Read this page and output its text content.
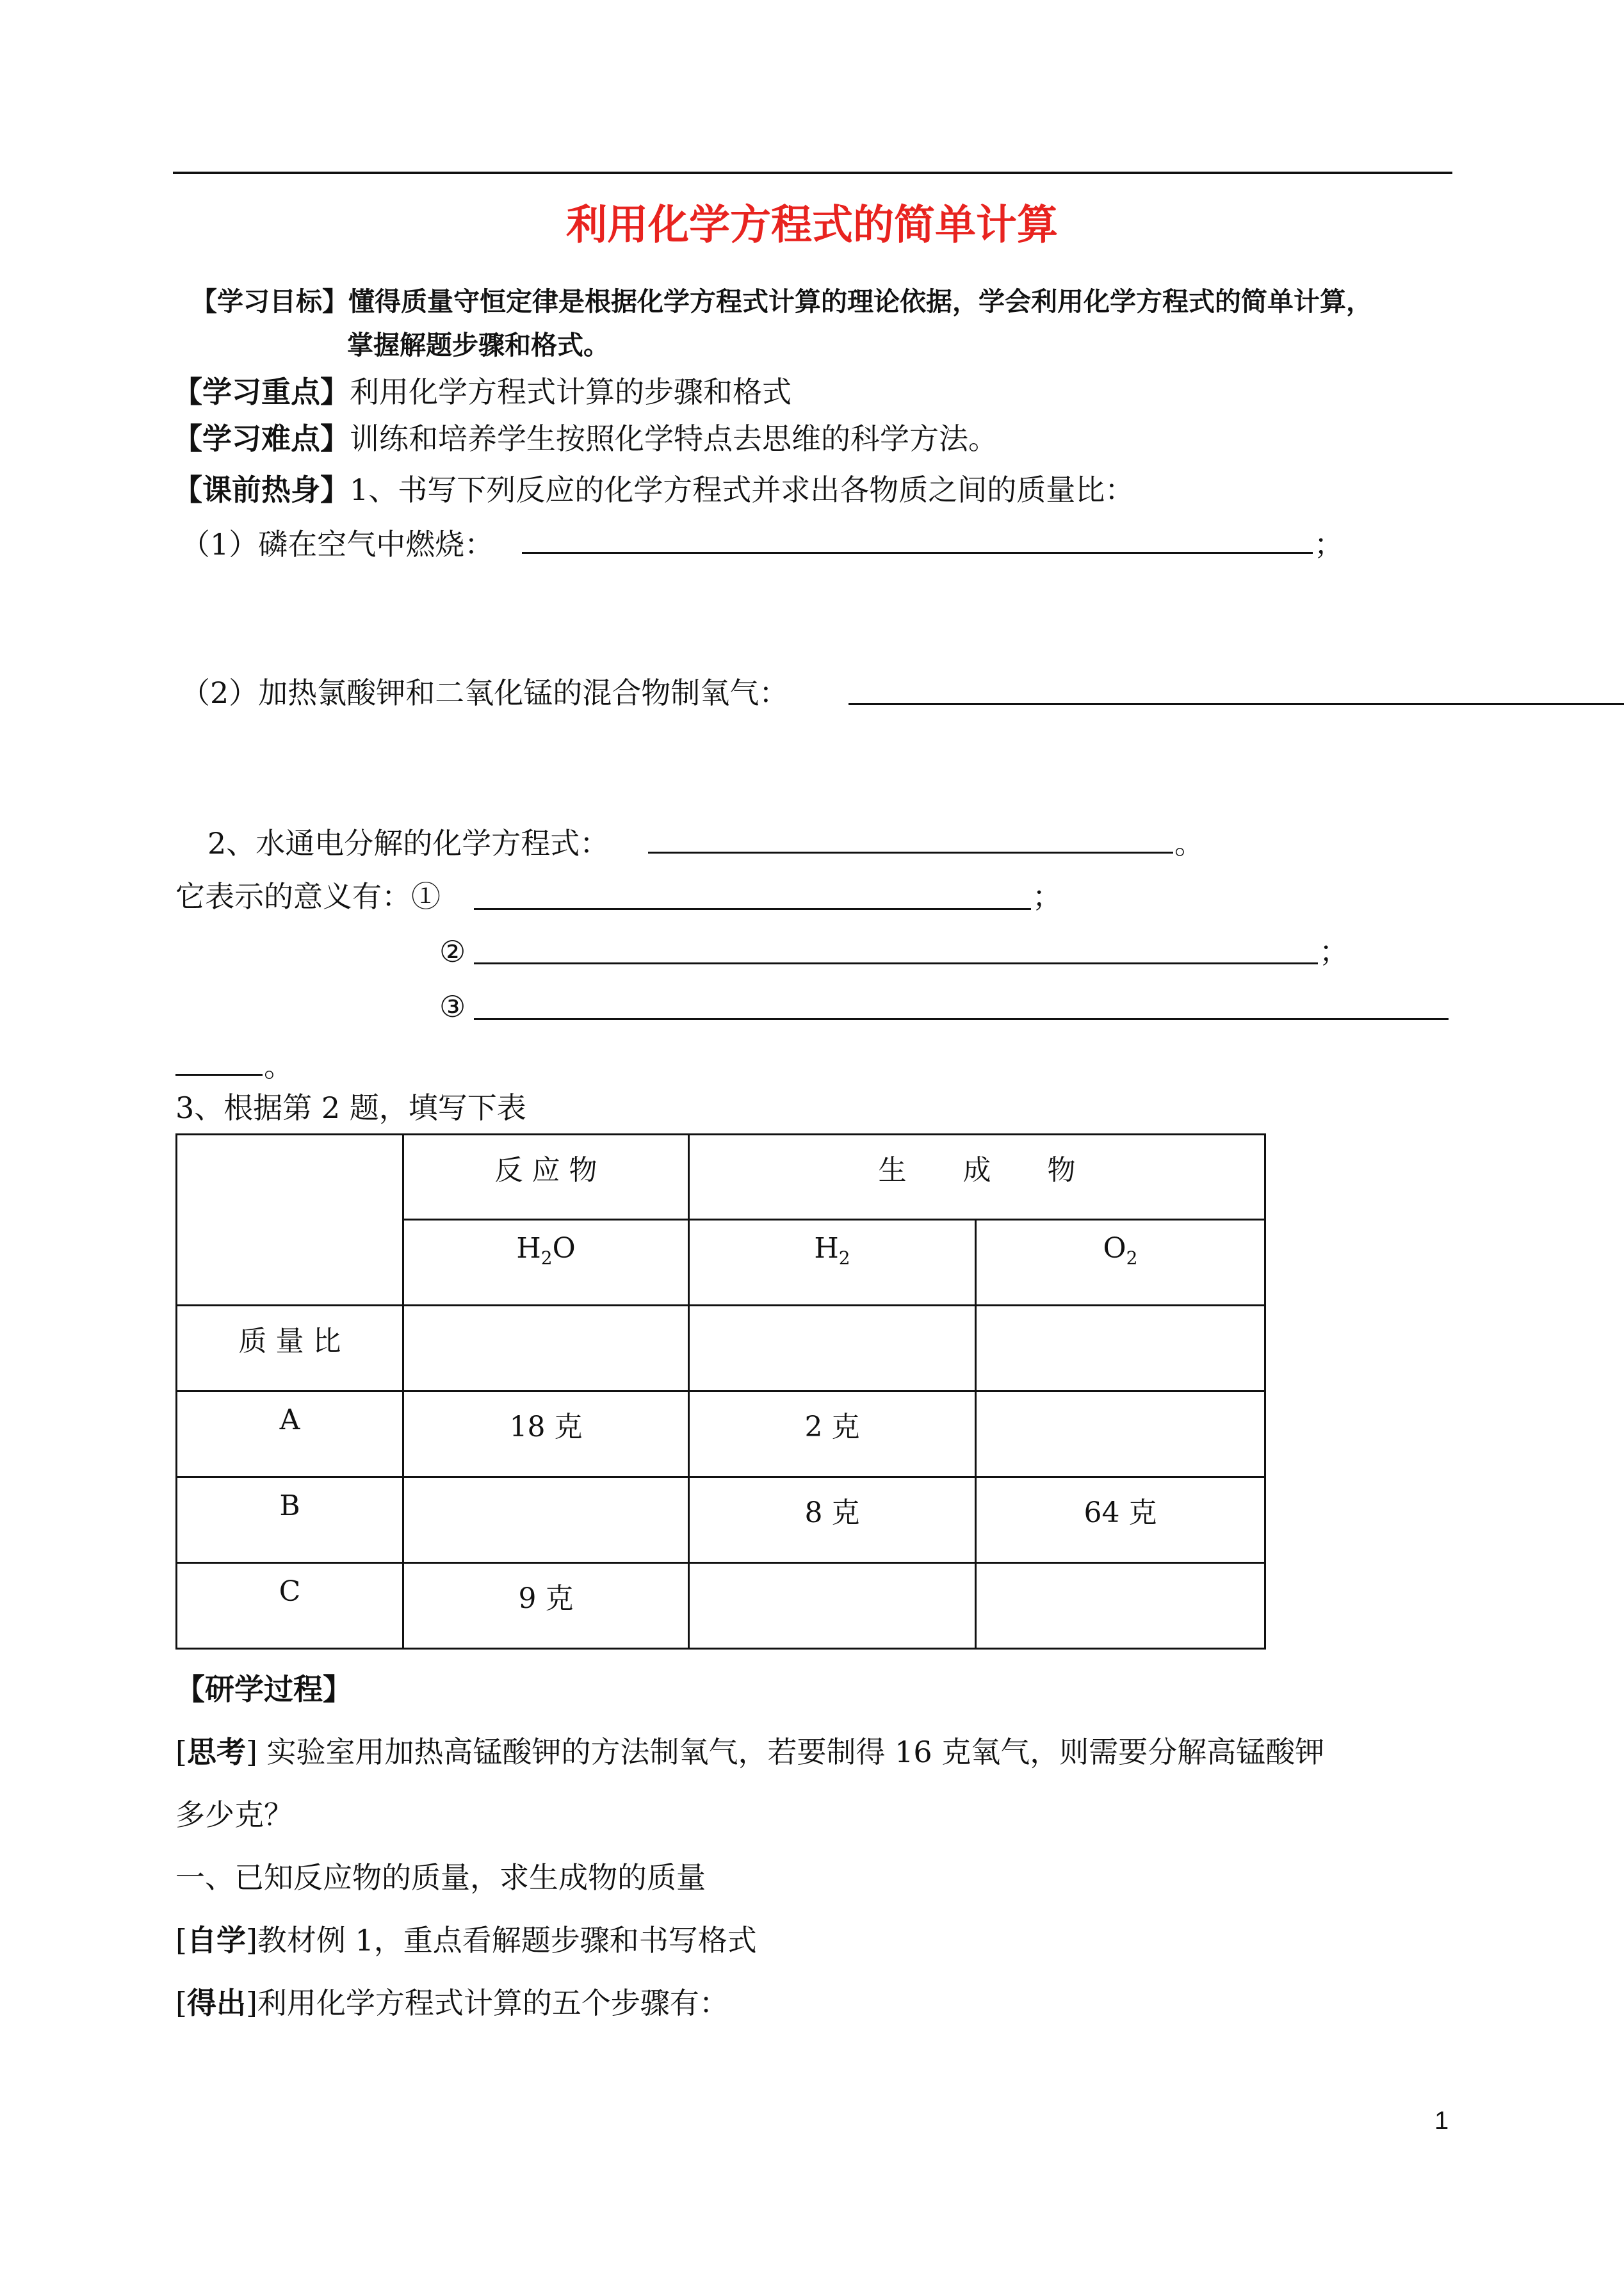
利用化学方程式的简单计算
【学习目标】懂得质量守恒定律是根据化学方程式计算的理论依据，学会利用化学方程式的简单计算，
掌握解题步骤和格式。
【学习重点】利用化学方程式计算的步骤和格式
【学习难点】训练和培养学生按照化学特点去思维的科学方法。
【课前热身】1、书写下列反应的化学方程式并求出各物质之间的质量比：
（1）磷在空气中燃烧：	；
（2）加热氯酸钾和二氧化锰的混合物制氧气：
2、水通电分解的化学方程式：	。
它表示的意义有：①	；
②	；
③
。
3、根据第 2 题，填写下表
	反 应 物	生　　成　　物	
	$H_2O$	$H_2$	$O_2$
质 量 比			
A	18 克	2 克	
B		8 克	64 克
C	9 克		
【研学过程】
[思考] 实验室用加热高锰酸钾的方法制氧气，若要制得 16 克氧气，则需要分解高锰酸钾
多少克？
一、已知反应物的质量，求生成物的质量
[自学]教材例 1，重点看解题步骤和书写格式
[得出]利用化学方程式计算的五个步骤有：
1
